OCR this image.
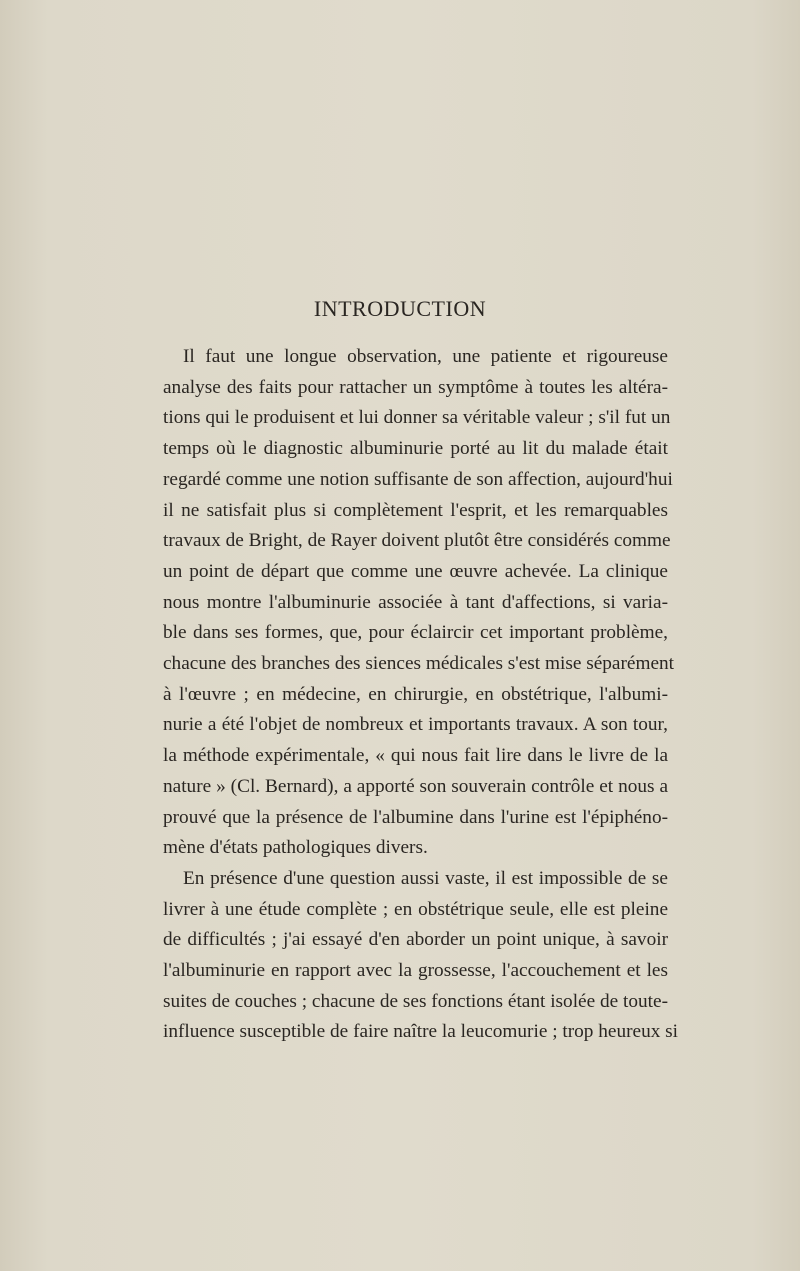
INTRODUCTION
Il faut une longue observation, une patiente et rigoureuse
analyse des faits pour rattacher un symptôme à toutes les altéra-
tions qui le produisent et lui donner sa véritable valeur ; s'il fut un
temps où le diagnostic albuminurie porté au lit du malade était
regardé comme une notion suffisante de son affection, aujourd'hui
il ne satisfait plus si complètement l'esprit, et les remarquables
travaux de Bright, de Rayer doivent plutôt être considérés comme
un point de départ que comme une œuvre achevée. La clinique
nous montre l'albuminurie associée à tant d'affections, si varia-
ble dans ses formes, que, pour éclaircir cet important problème,
chacune des branches des siences médicales s'est mise séparément
à l'œuvre ; en médecine, en chirurgie, en obstétrique, l'albumi-
nurie a été l'objet de nombreux et importants travaux. A son tour,
la méthode expérimentale, « qui nous fait lire dans le livre de la
nature » (Cl. Bernard), a apporté son souverain contrôle et nous a
prouvé que la présence de l'albumine dans l'urine est l'épiphéno-
mène d'états pathologiques divers.
En présence d'une question aussi vaste, il est impossible de se
livrer à une étude complète ; en obstétrique seule, elle est pleine
de difficultés ; j'ai essayé d'en aborder un point unique, à savoir
l'albuminurie en rapport avec la grossesse, l'accouchement et les
suites de couches ; chacune de ses fonctions étant isolée de toute-
influence susceptible de faire naître la leucomurie ; trop heureux si
